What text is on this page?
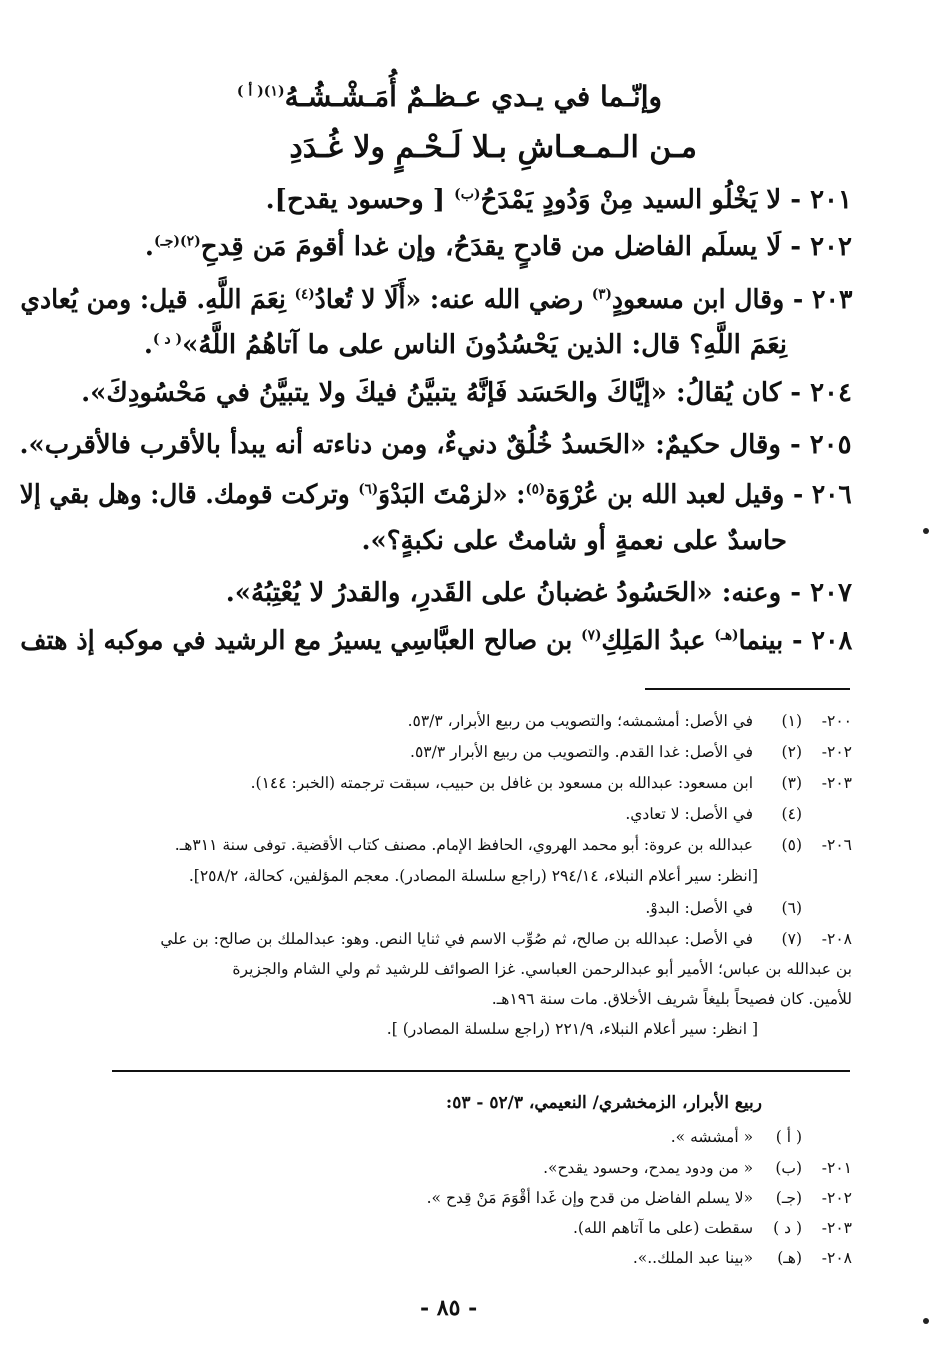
وإنّـما في يـدي عـظـمٌ أُمَـشْـشُـهُ$^{(١)( أ )}$
مـن الـمـعـاشِ بـلا لَـحْـمٍ ولا غُـدَدِ
٢٠١ - لا يَخْلُو السيد مِنْ وَدُودٍ يَمْدَحُ$^{(ب)}$ [ وحسود يقدح].
٢٠٢ - لَا يسلَم الفاضل من قادحٍ يقدَحُ، وإن غدا أقومَ مَن قِدحِ$^{(٢)(جـ)}$.
٢٠٣ - وقال ابن مسعودٍ$^{(٣)}$ رضي الله عنه: «أَلَا لا تُعادُ$^{(٤)}$ نِعَمَ اللَّهِ. قيل: ومن يُعادي
نِعَمَ اللَّهِ؟ قال: الذين يَحْسُدُونَ الناس على ما آتاهُمُ اللَّهُ»$^{( د )}$.
٢٠٤ - كان يُقالُ: «إيَّاكَ والحَسَد فَإنَّهُ يتبيَّنُ فيكَ ولا يتبيَّنُ في مَحْسُودِكَ».
٢٠٥ - وقال حكيمٌ: «الحَسدُ خُلُقٌ دنيءٌ، ومن دناءته أنه يبدأ بالأقرب فالأقرب».
٢٠٦ - وقيل لعبد الله بن عُرْوَة$^{(٥)}$: «لزمْتَ البَدْوَ$^{(٦)}$ وتركت قومك. قال: وهل بقي إلا
حاسدٌ على نعمةٍ أو شامتٌ على نكبةٍ؟».
٢٠٧ - وعنه: «الحَسُودُ غضبانُ على القَدرِ، والقدرُ لا يُعْتِبُهُ».
٢٠٨ - بينما$^{(هـ)}$ عبدُ المَلِكِ$^{(٧)}$ بن صالح العبَّاسِي يسيرُ مع الرشيد في موكبه إذ هتف
٢٠٠-(١) في الأصل: أمشمشه؛ والتصويب من ربيع الأبرار، ٥٣/٣.
٢٠٢-(٢) في الأصل: غدا القدم. والتصويب من ربيع الأبرار ٥٣/٣.
٢٠٣-(٣) ابن مسعود: عبدالله بن مسعود بن غافل بن حبيب، سبقت ترجمته (الخبر: ١٤٤).
(٤) في الأصل: لا تعادي.
٢٠٦-(٥) عبدالله بن عروة: أبو محمد الهروي، الحافظ الإمام. مصنف كتاب الأقضية. توفى سنة ٣١١هـ.
[انظر: سير أعلام النبلاء، ٢٩٤/١٤ (راجع سلسلة المصادر). معجم المؤلفين، كحالة، ٢٥٨/٢].
(٦) في الأصل: البدوْ.
٢٠٨-(٧) في الأصل: عبدالله بن صالح، ثم صُوِّب الاسم في ثنايا النص. وهو: عبدالملك بن صالح: بن علي
بن عبدالله بن عباس؛ الأمير أبو عبدالرحمن العباسي. غزا الصوائف للرشيد ثم ولي الشام والجزيرة
للأمين. كان فصيحاً بليغاً شريف الأخلاق. مات سنة ١٩٦هـ.
[ انظر: سير أعلام النبلاء، ٢٢١/٩ (راجع سلسلة المصادر) ].
ربيع الأبرار، الزمخشري/ النعيمي، ٥٢/٣ - ٥٣:
( أ ) « أمششه ».
٢٠١-(ب) « من ودود يمدح، وحسود يقدح».
٢٠٢-(جـ) «لا يسلم الفاضل من قدح وإن غَدا أقْوَمَ مَنْ قِدح ».
٢٠٣-( د ) سقطت (على ما آتاهم الله).
٢٠٨-(هـ) «بينا عبد الملك..».
- ٨٥ -
